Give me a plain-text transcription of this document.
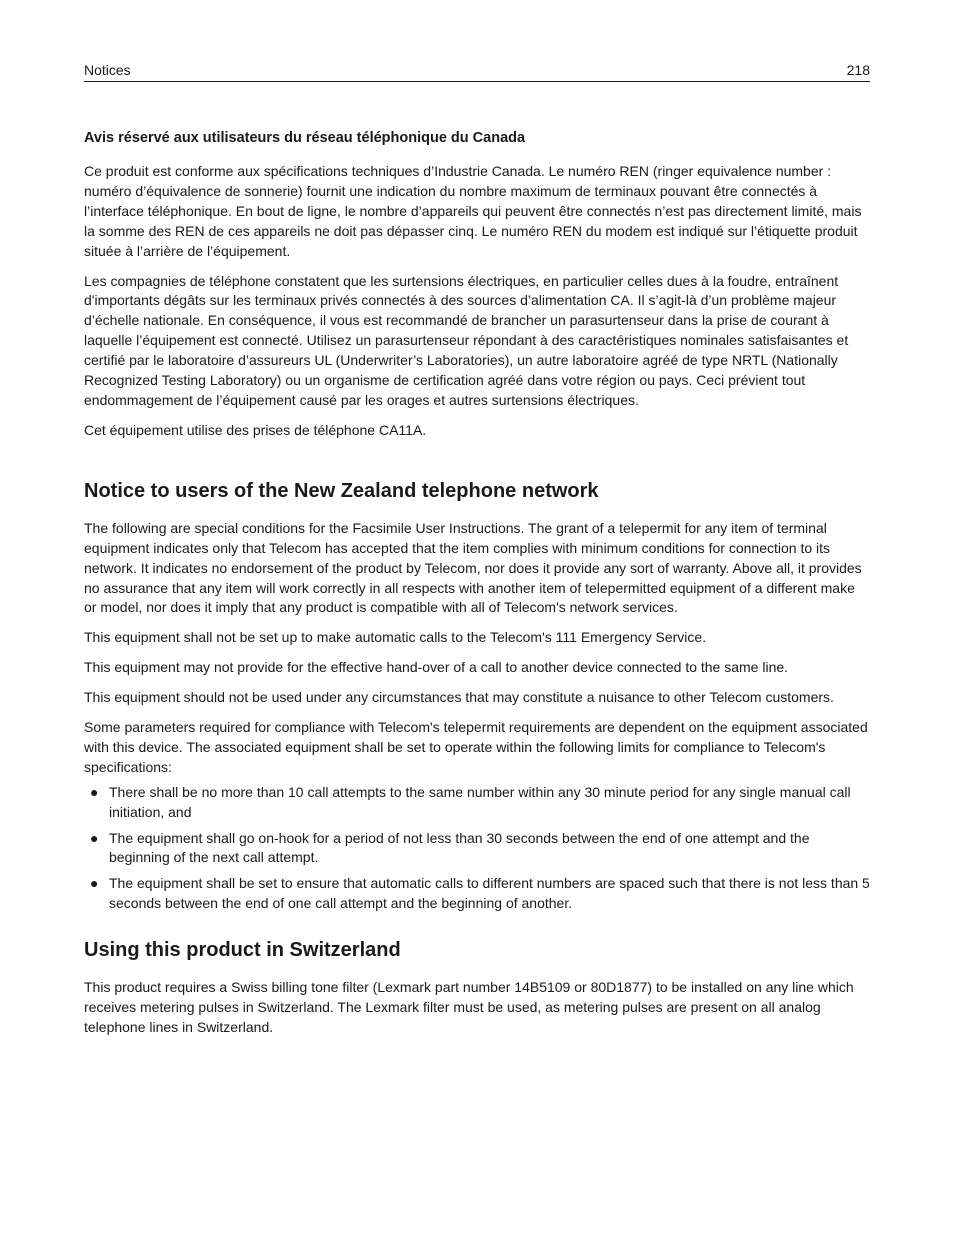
Notices	218
Avis réservé aux utilisateurs du réseau téléphonique du Canada

Ce produit est conforme aux spécifications techniques d’Industrie Canada. Le numéro REN (ringer equivalence number : numéro d’équivalence de sonnerie) fournit une indication du nombre maximum de terminaux pouvant être connectés à l’interface téléphonique. En bout de ligne, le nombre d’appareils qui peuvent être connectés n’est pas directement limité, mais la somme des REN de ces appareils ne doit pas dépasser cinq. Le numéro REN du modem est indiqué sur l’étiquette produit située à l’arrière de l’équipement.

Les compagnies de téléphone constatent que les surtensions électriques, en particulier celles dues à la foudre, entraînent d'importants dégâts sur les terminaux privés connectés à des sources d’alimentation CA. Il s’agit-là d’un problème majeur d’échelle nationale. En conséquence, il vous est recommandé de brancher un parasurtenseur dans la prise de courant à laquelle l’équipement est connecté. Utilisez un parasurtenseur répondant à des caractéristiques nominales satisfaisantes et certifié par le laboratoire d’assureurs UL (Underwriter’s Laboratories), un autre laboratoire agréé de type NRTL (Nationally Recognized Testing Laboratory) ou un organisme de certification agréé dans votre région ou pays. Ceci prévient tout endommagement de l’équipement causé par les orages et autres surtensions électriques.

Cet équipement utilise des prises de téléphone CA11A.

Notice to users of the New Zealand telephone network

The following are special conditions for the Facsimile User Instructions. The grant of a telepermit for any item of terminal equipment indicates only that Telecom has accepted that the item complies with minimum conditions for connection to its network. It indicates no endorsement of the product by Telecom, nor does it provide any sort of warranty. Above all, it provides no assurance that any item will work correctly in all respects with another item of telepermitted equipment of a different make or model, nor does it imply that any product is compatible with all of Telecom's network services.

This equipment shall not be set up to make automatic calls to the Telecom's 111 Emergency Service.

This equipment may not provide for the effective hand-over of a call to another device connected to the same line.

This equipment should not be used under any circumstances that may constitute a nuisance to other Telecom customers.

Some parameters required for compliance with Telecom's telepermit requirements are dependent on the equipment associated with this device. The associated equipment shall be set to operate within the following limits for compliance to Telecom's specifications:

● There shall be no more than 10 call attempts to the same number within any 30 minute period for any single manual call initiation, and
● The equipment shall go on-hook for a period of not less than 30 seconds between the end of one attempt and the beginning of the next call attempt.
● The equipment shall be set to ensure that automatic calls to different numbers are spaced such that there is not less than 5 seconds between the end of one call attempt and the beginning of another.
Using this product in Switzerland

This product requires a Swiss billing tone filter (Lexmark part number 14B5109 or 80D1877) to be installed on any line which receives metering pulses in Switzerland. The Lexmark filter must be used, as metering pulses are present on all analog telephone lines in Switzerland.
